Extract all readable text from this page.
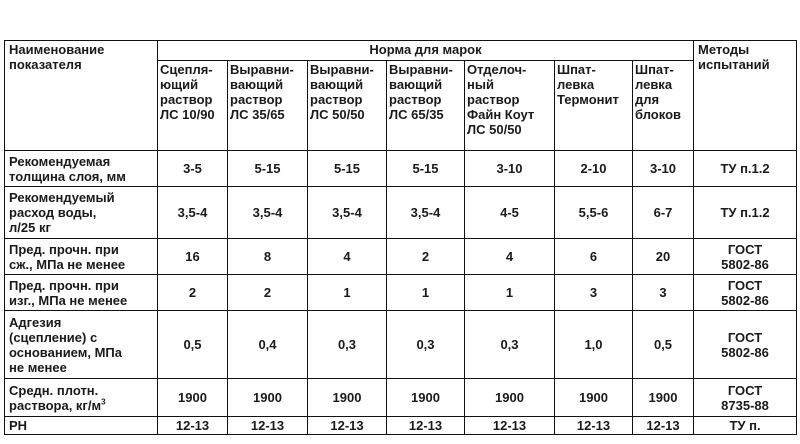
Наименование
показателя	Норма для марок							Методы
испытаний
	Сцепля-
ющий
раствор
ЛС 10/90	Выравни-
вающий
раствор
ЛС 35/65	Выравни-
вающий
раствор
ЛС 50/50	Выравни-
вающий
раствор
ЛС 65/35	Отделоч-
ный
раствор
Файн Коут
ЛС 50/50	Шпат-
левка
Термонит	Шпат-
левка
для
блоков	
Рекомендуемая
толщина слоя, мм	3-5	5-15	5-15	5-15	3-10	2-10	3-10	ТУ п.1.2
Рекомендуемый
расход воды,
л/25 кг	3,5-4	3,5-4	3,5-4	3,5-4	4-5	5,5-6	6-7	ТУ п.1.2
Пред. прочн. при
сж., МПа не менее	16	8	4	2	4	6	20	ГОСТ
5802-86
Пред. прочн. при
изг., МПа не менее	2	2	1	1	1	3	3	ГОСТ
5802-86
Адгезия
(сцепление) с
основанием, МПа
не менее	0,5	0,4	0,3	0,3	0,3	1,0	0,5	ГОСТ
5802-86
Средн. плотн.
раствора, $кг/м^3$	1900	1900	1900	1900	1900	1900	1900	ГОСТ
8735-88
PH	12-13	12-13	12-13	12-13	12-13	12-13	12-13	ТУ п.
